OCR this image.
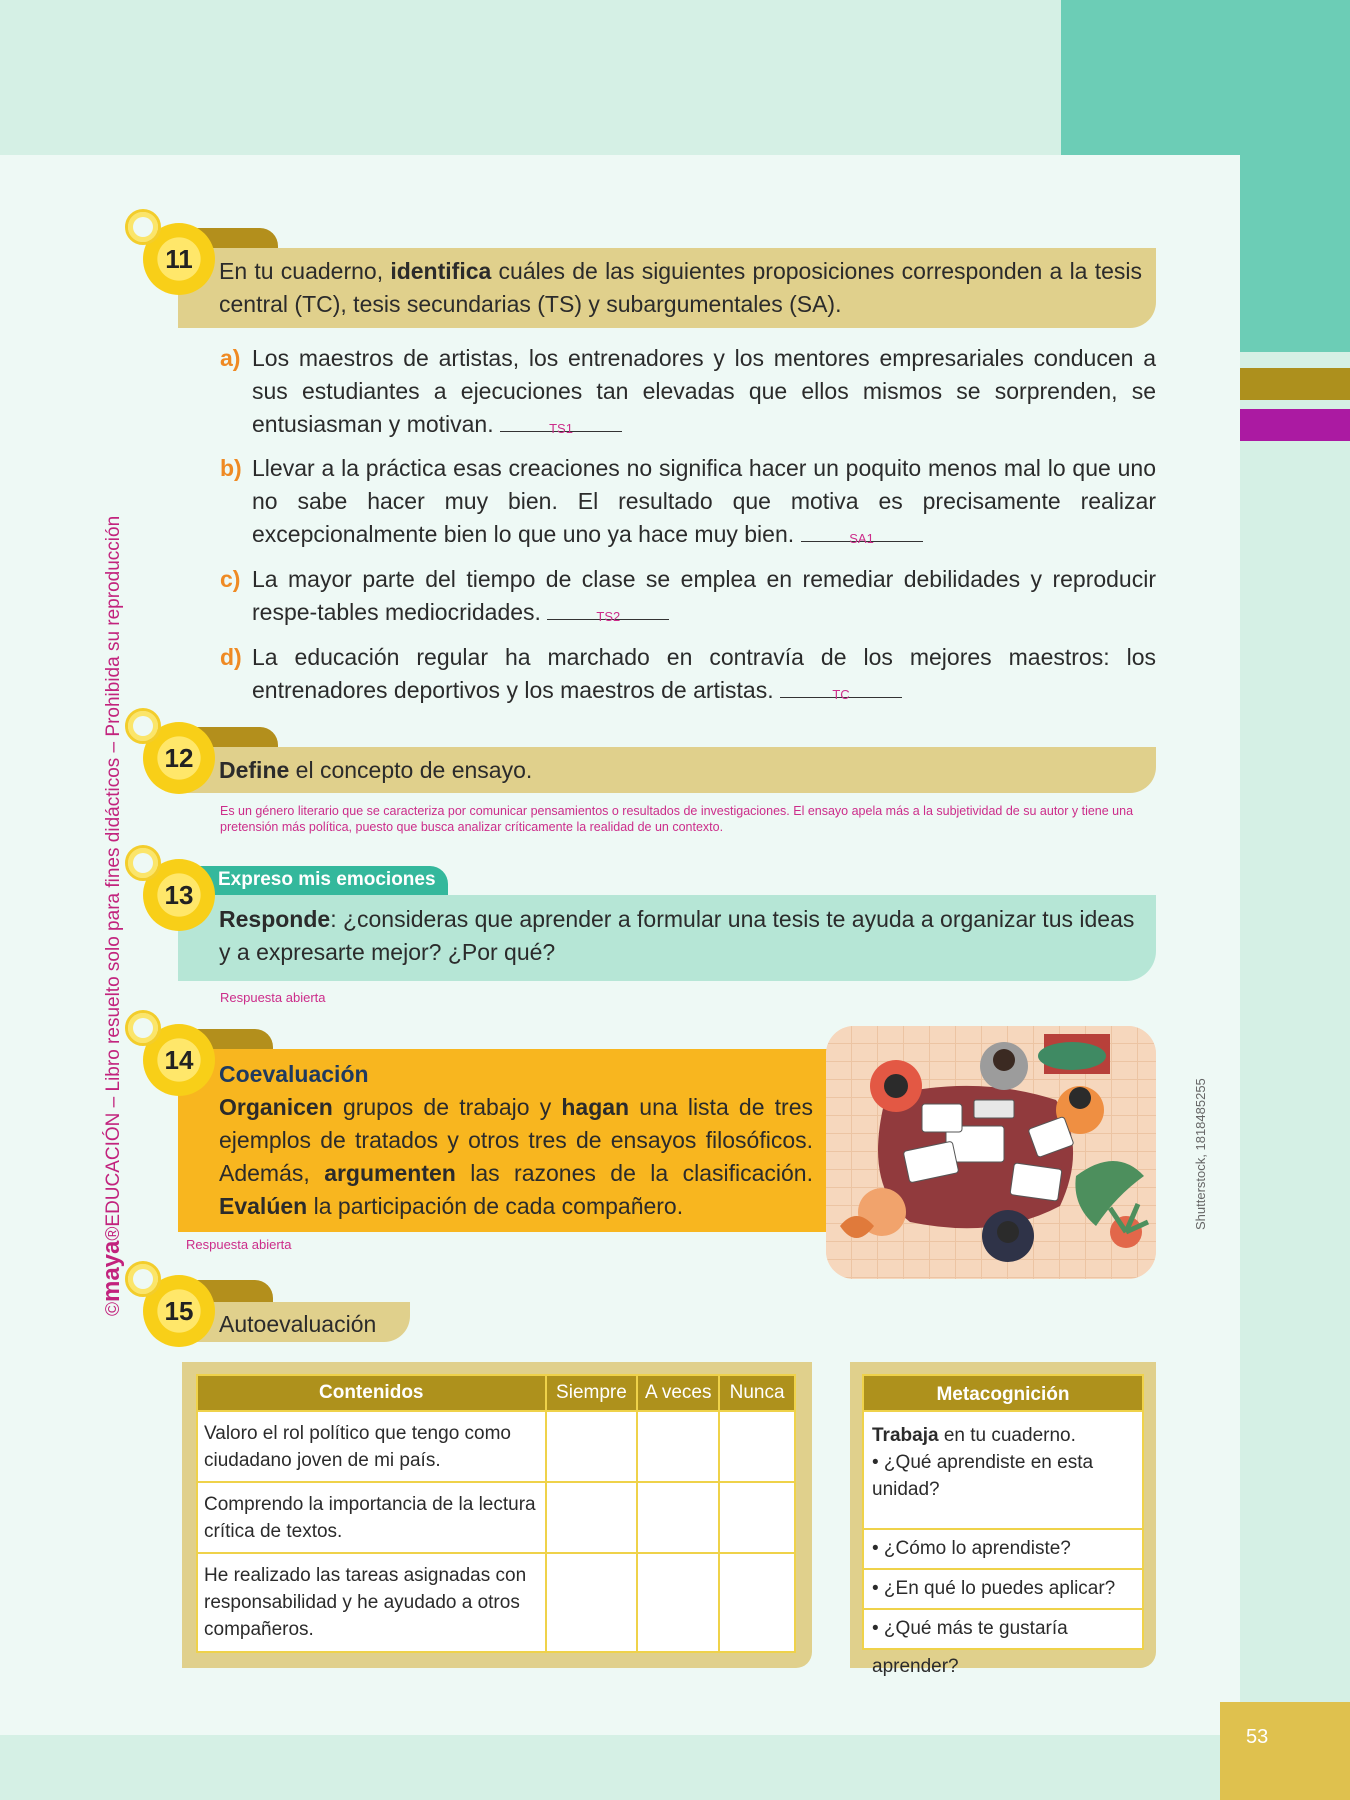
53
©maya®EDUCACIÓN – Libro resuelto solo para fines didácticos – Prohibida su reproducción	Shutterstock, 1818485255
En tu cuaderno, identifica cuáles de las siguientes proposiciones corresponden a la tesis central (TC), tesis secundarias (TS) y subargumentales (SA).
11
a) Los maestros de artistas, los entrenadores y los mentores empresariales conducen a sus estudiantes a ejecuciones tan elevadas que ellos mismos se sorprenden, se entusiasman y motivan.	TS1
b) Llevar a la práctica esas creaciones no significa hacer un poquito menos mal lo que uno no sabe hacer muy bien. El resultado que motiva es precisamente realizar excepcionalmente bien lo que uno ya hace muy bien.	SA1
c) La mayor parte del tiempo de clase se emplea en remediar debilidades y reproducir respe-tables mediocridades.	TS2
d) La educación regular ha marchado en contravía de los mejores maestros: los entrenadores deportivos y los maestros de artistas.	TC
Define el concepto de ensayo.
12
Es un género literario que se caracteriza por comunicar pensamientos o resultados de investigaciones. El ensayo apela más a la subjetividad de su autor y tiene una pretensión más política, puesto que busca analizar críticamente la realidad de un contexto.
Expreso mis emociones
Responde: ¿consideras que aprender a formular una tesis te ayuda a organizar tus ideas y a expresarte mejor? ¿Por qué?
13
Respuesta abierta
Coevaluación
Organicen grupos de trabajo y hagan una lista de tres ejemplos de tratados y otros tres de ensayos filosóficos. Además, argumenten las razones de la clasificación. Evalúen la participación de cada compañero.
14
Respuesta abierta
Autoevaluación
15
Contenidos	Siempre	A veces	Nunca
Valoro el rol político que tengo como ciudadano joven de mi país.			
Comprendo la importancia de la lectura crítica de textos.			
He realizado las tareas asignadas con responsabilidad y he ayudado a otros compañeros.			
Metacognición
Trabaja en tu cuaderno.
• ¿Qué aprendiste en esta unidad?
• ¿Cómo lo aprendiste?
• ¿En qué lo puedes aplicar?
• ¿Qué más te gustaría aprender?
